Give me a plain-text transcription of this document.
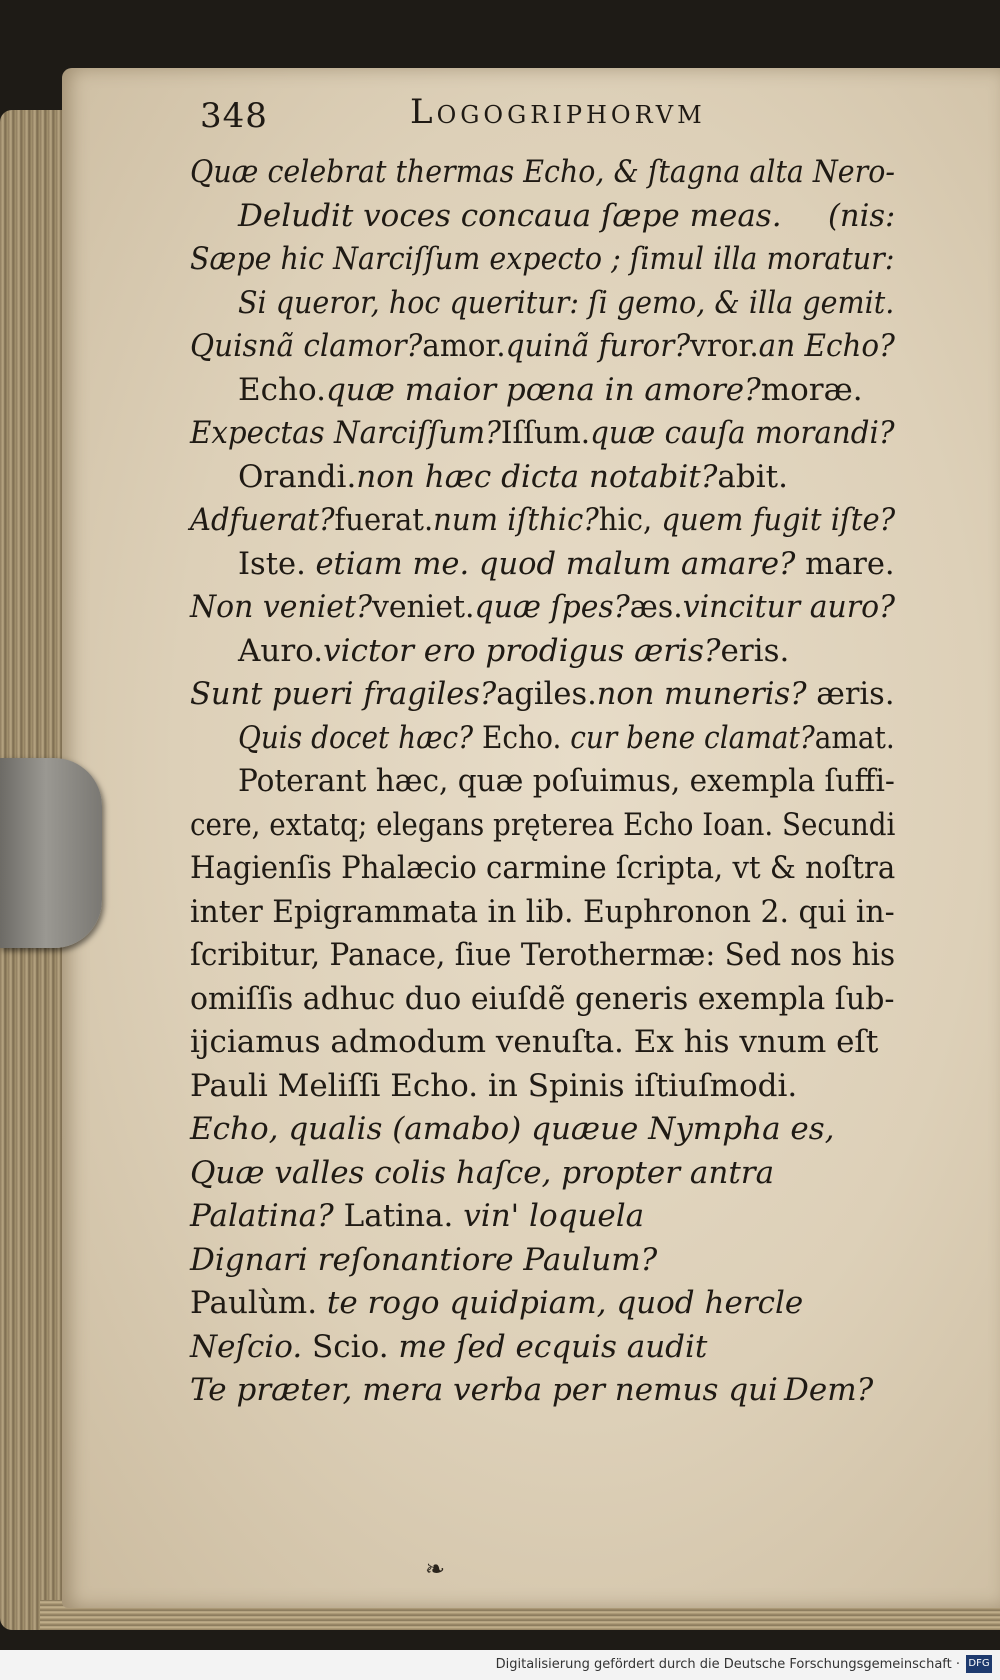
348	Logogriphorvm
Quæ celebrat thermas Echo, & ſtagna alta Nero-
Deludit voces concaua ſæpe meas. (nis:
Sæpe hic Narciſſum expecto ; ſimul illa moratur:
Si queror, hoc queritur: ſi gemo, & illa gemit.
Quisnã clamor?amor.quinã furor?vror.an Echo?
Echo.quæ maior pœna in amore?moræ.
Expectas Narciſſum?Iſſum.quæ cauſa morandi?
Orandi.non hæc dicta notabit?abit.
Adfuerat?fuerat.num iſthic?hic, quem fugit iſte?
Iste. etiam me. quod malum amare? mare.
Non veniet?veniet.quæ ſpes?æs.vincitur auro?
Auro.victor ero prodigus æris?eris.
Sunt pueri fragiles?agiles.non muneris? æris.
Quis docet hæc? Echo. cur bene clamat?amat.
Poterant hæc, quæ poſuimus, exempla ſuffi-
cere, extatq; elegans pręterea Echo Ioan. Secundi
Hagienſis Phalæcio carmine ſcripta, vt & noſtra
inter Epigrammata in lib. Euphronon 2. qui in-
ſcribitur, Panace, ſiue Terothermæ: Sed nos his
omiſſis adhuc duo eiuſdẽ generis exempla ſub-
ijciamus admodum venuſta. Ex his vnum eſt
Pauli Meliſſi Echo. in Spinis iſtiuſmodi.
Echo, qualis (amabo) quæue Nympha es,
Quæ valles colis haſce, propter antra
Palatina? Latina. vin' loquela
Dignari reſonantiore Paulum?
Paulùm. te rogo quidpiam, quod hercle
Neſcio. Scio. me ſed ecquis audit
Te præter, mera verba per nemus qui Dem?
❧
Digitalisierung gefördert durch die Deutsche Forschungsgemeinschaft · DFG
